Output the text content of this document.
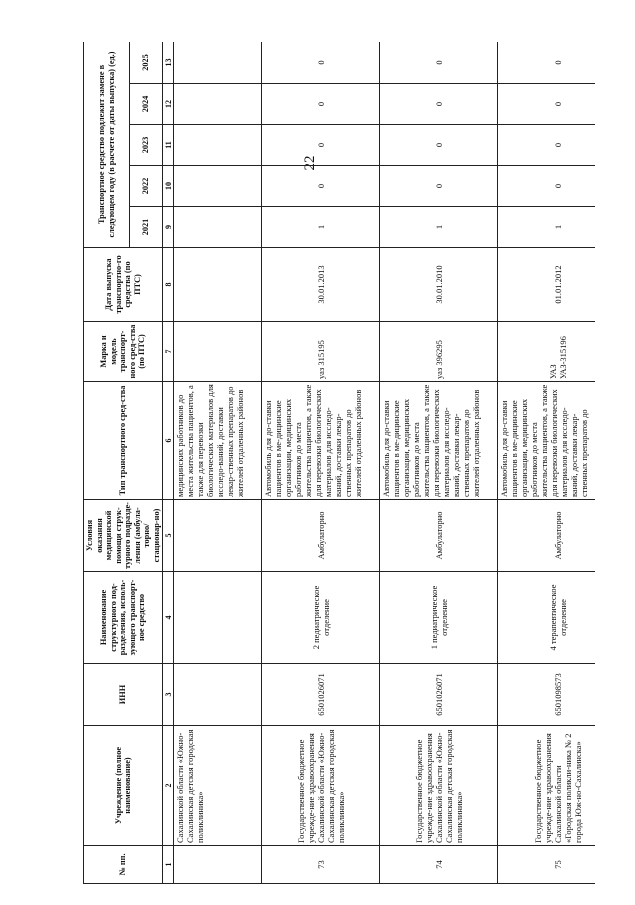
22
№ пп.	Учреждение (полное наименование)	ИНН	Наименование структурного под-разделения, исполь-зующего транспорт-ное средство	Условия оказания медицинской помощи струк-турного подразде-ления (амбула-торно/ стационар-но)	Тип транспортного сред-ства	Марка и модель транспорт-ного сред-ства (по ПТС)	Дата выпуска транспортно-го средства (по ПТС)	Транспортное средство подлежит замене в следующем году (в расчете от даты выпуска) (ед.)				
								2021	2022	2023	2024	2025
1	2	3	4	5	6	7	8	9	10	11	12	13
	Сахалинской области «Южно-Сахалинская детская городская поликлиника»				медицинских работников до места жительства пациентов, а также для перевозки биологических материалов для исследо-ваний, доставки лекар-ственных препаратов до жителей отдаленных районов							
73	Государственное бюджетное учрежде-ние здравоохранения Сахалинской области «Южно-Сахалинская детская городская поликлиника»	6501026071	2 педиатрическое отделение	Амбулаторно	Автомобиль для до-ставки пациентов в ме-дицинские организации, медицинских работников до места жительства пациентов, а также для перевозки биологических материалов для исследо-ваний, доставки лекар-ственных препаратов до жителей отдаленных районов	уаз 315195	30.01.2013	1	0	0	0	0
74	Государственное бюджетное учрежде-ние здравоохранения Сахалинской области «Южно-Сахалинская детская городская поликлиника»	6501026071	1 педиатрическое отделение	Амбулаторно	Автомобиль для до-ставки пациентов в ме-дицинские организации, медицинских работников до места жительства пациентов, а также для перевозки биологических материалов для исследо-ваний, доставки лекар-ственных препаратов до жителей отдаленных районов	уаз 396295	30.01.2010	1	0	0	0	0
75	Государственное бюджетное учрежде-ние здравоохранения Сахалинской области «Городская поликли-ника № 2 города Юж-но-Сахалинска»	6501098573	4 терапевтическое отделение	Амбулаторно	Автомобиль для до-ставки пациентов в ме-дицинские организации, медицинских работников до места жительства пациентов, а также для перевозки биологических материалов для исследо-ваний, доставки лекар-ственных препаратов до	УАЗ УАЗ-315196	01.01.2012	1	0	0	0	0
